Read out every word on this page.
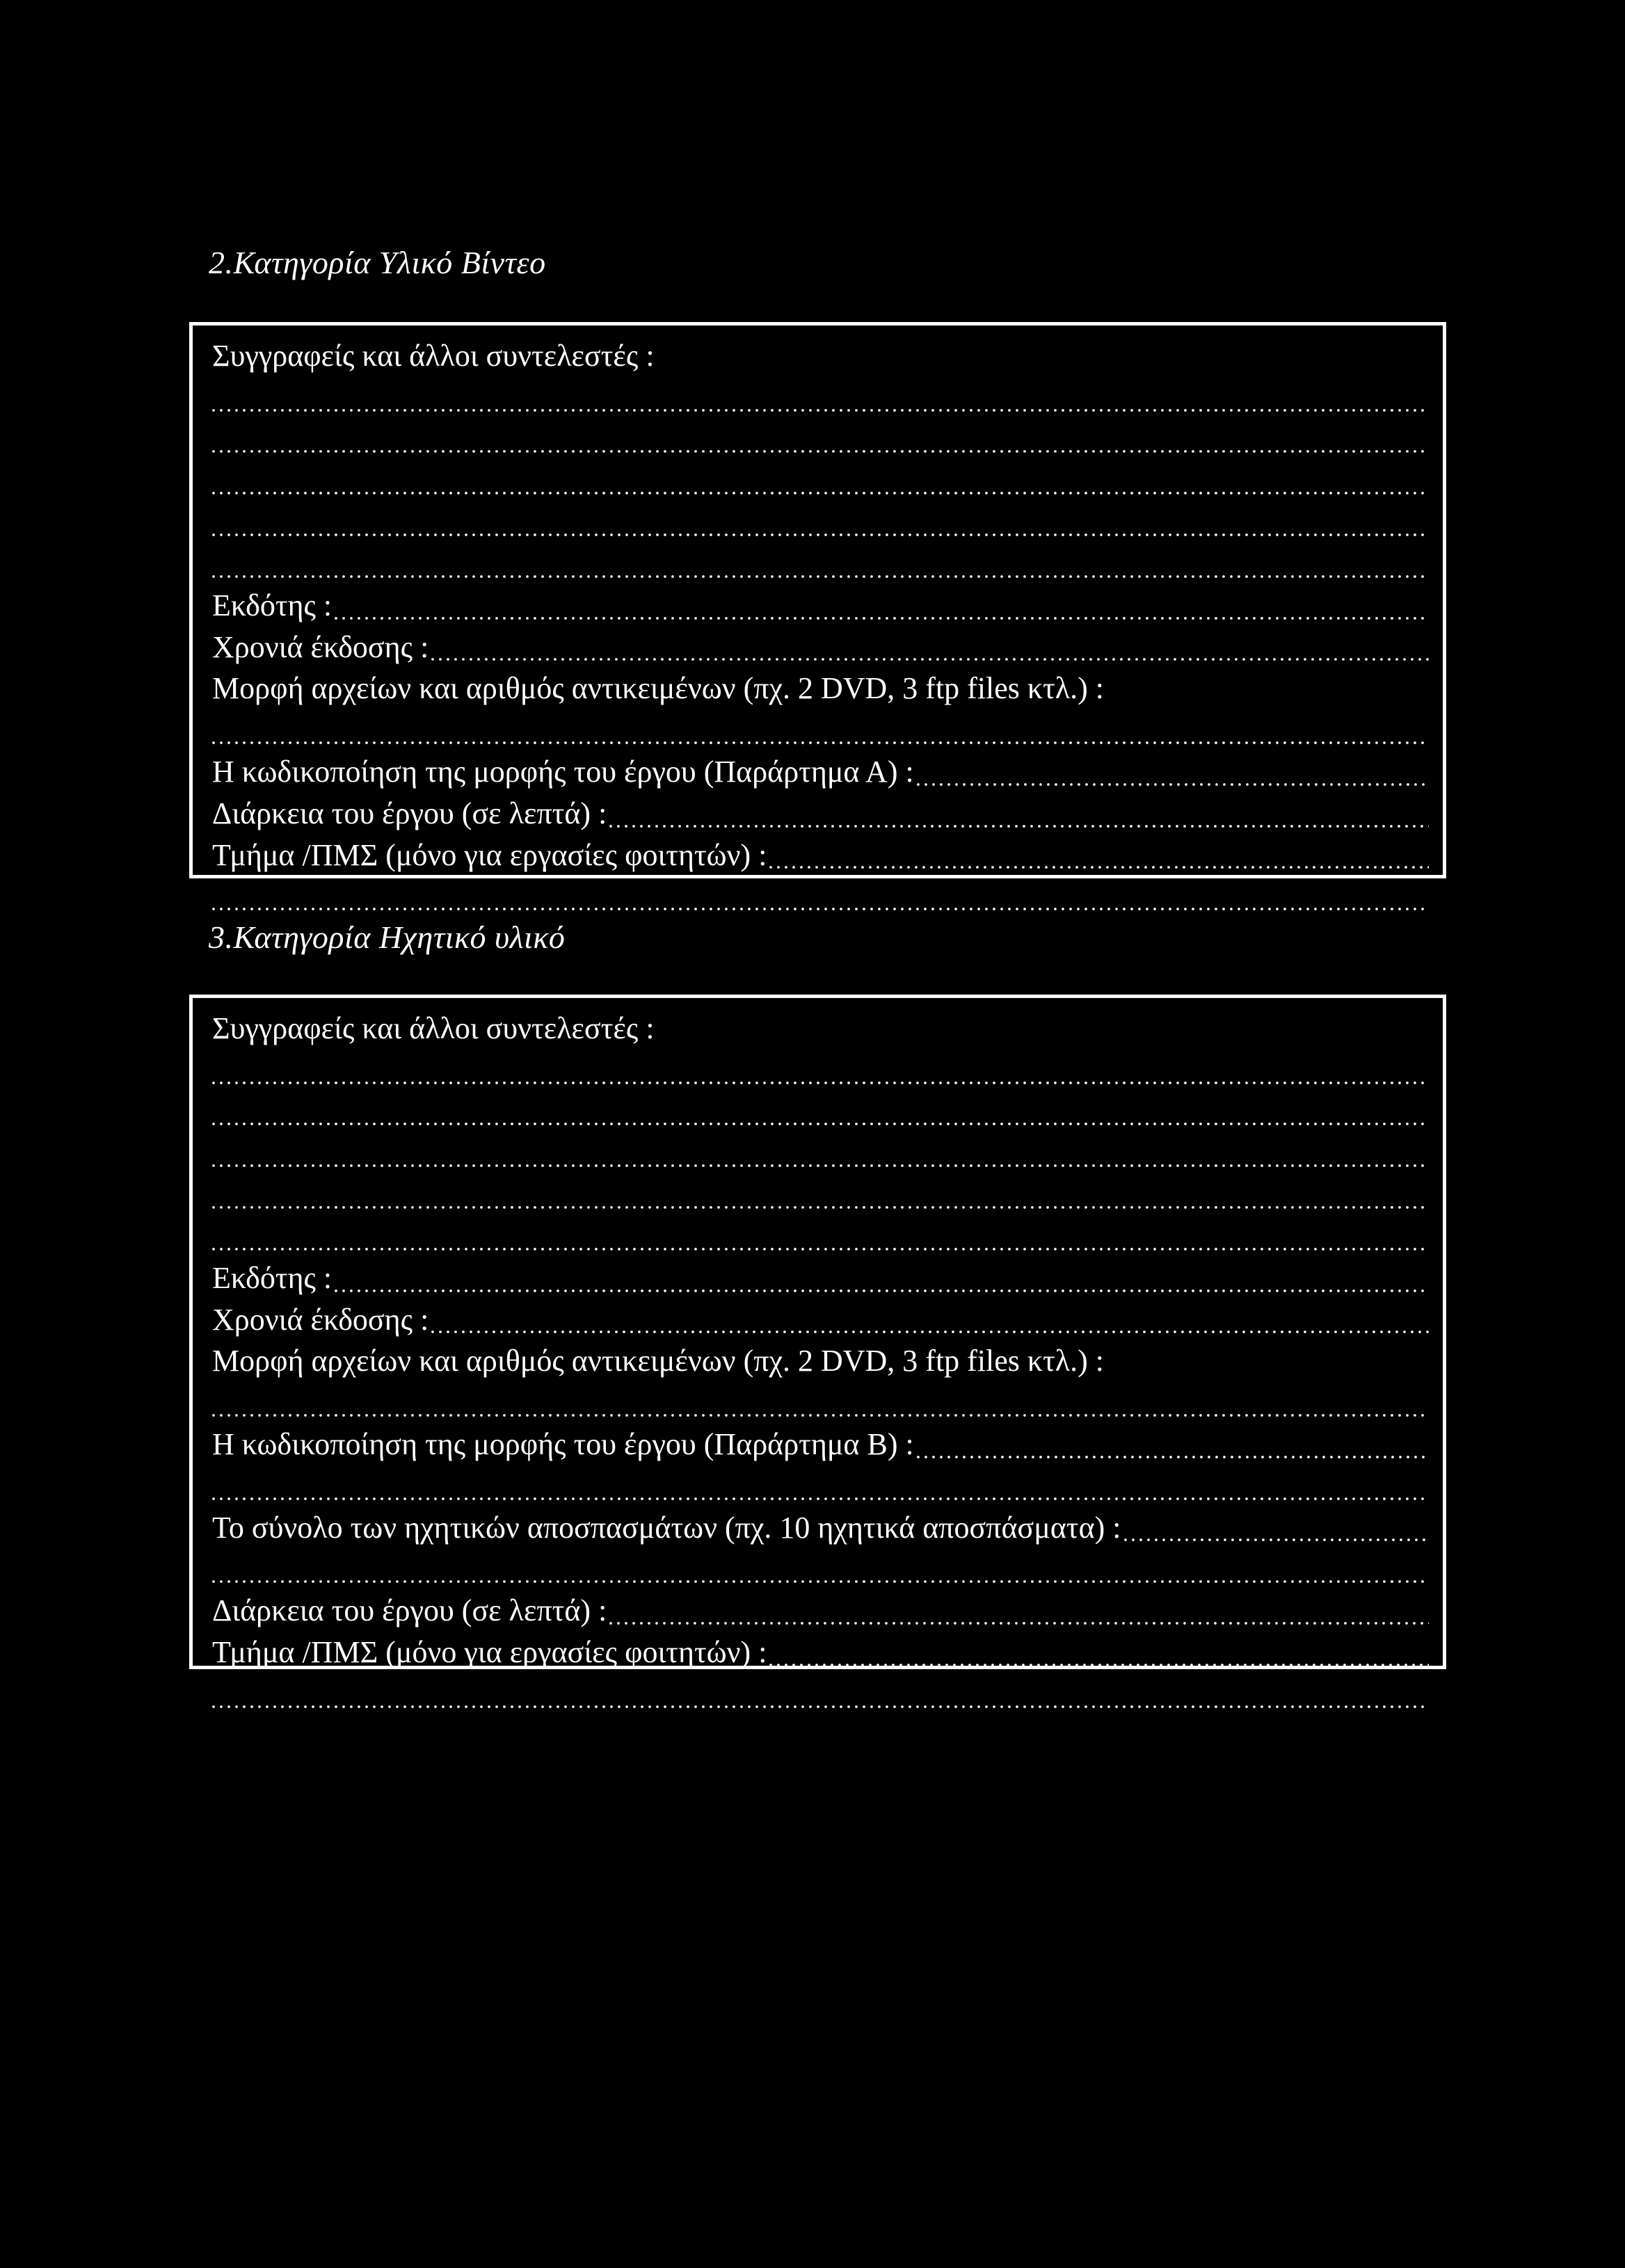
2.Κατηγορία Υλικό Βίντεο
Συγγραφείς και άλλοι συντελεστές :
Εκδότης :
Χρονιά έκδοσης :
Μορφή αρχείων και αριθμός αντικειμένων (πχ. 2 DVD, 3 ftp files κτλ.) :
Η κωδικοποίηση της μορφής του έργου (Παράρτημα Α) :
Διάρκεια του έργου (σε λεπτά) :
Τμήμα /ΠΜΣ (μόνο για εργασίες φοιτητών) :
3.Κατηγορία Ηχητικό υλικό
Συγγραφείς και άλλοι συντελεστές :
Εκδότης :
Χρονιά έκδοσης :
Μορφή αρχείων και αριθμός αντικειμένων (πχ. 2 DVD, 3 ftp files κτλ.) :
Η κωδικοποίηση της μορφής του έργου (Παράρτημα Β) :
Το σύνολο των ηχητικών αποσπασμάτων (πχ. 10 ηχητικά αποσπάσματα) :
Διάρκεια του έργου (σε λεπτά) :
Τμήμα /ΠΜΣ (μόνο για εργασίες φοιτητών) :
